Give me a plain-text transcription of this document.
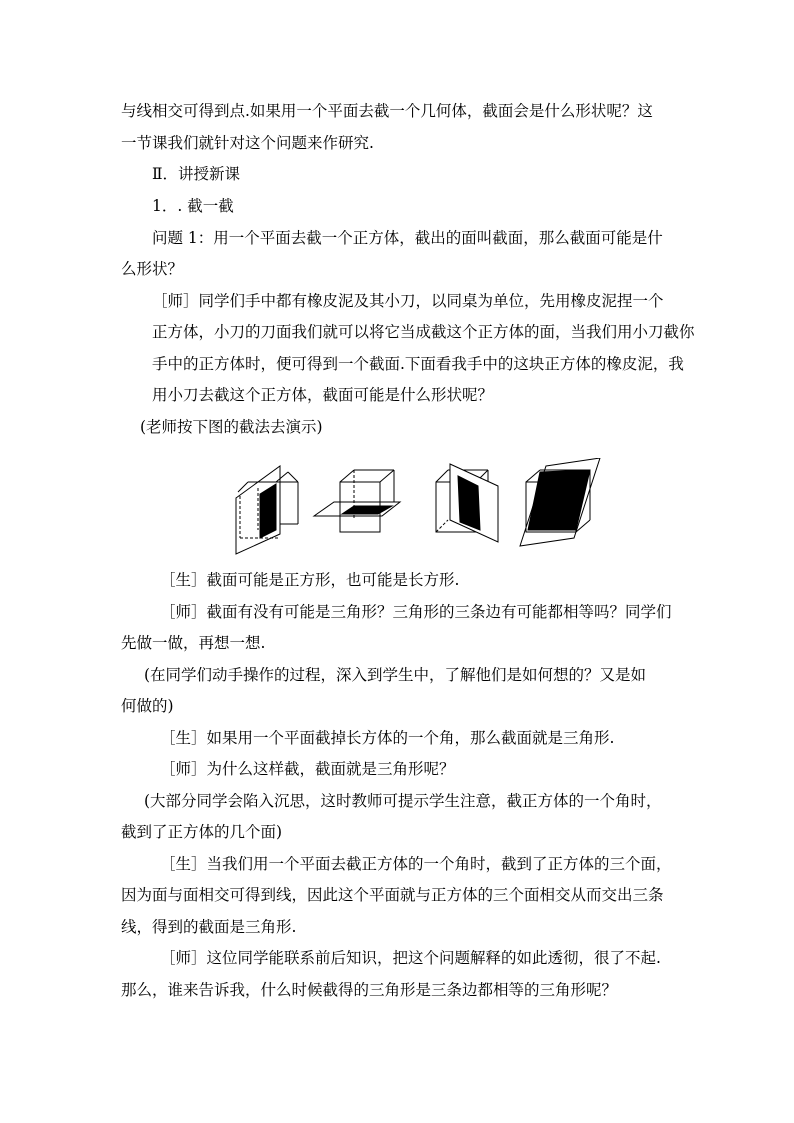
与线相交可得到点.如果用一个平面去截一个几何体，截面会是什么形状呢？这
一节课我们就针对这个问题来作研究.
Ⅱ．讲授新课
1．. 截一截
问题 1：用一个平面去截一个正方体，截出的面叫截面，那么截面可能是什
么形状？
［师］同学们手中都有橡皮泥及其小刀，以同桌为单位，先用橡皮泥捏一个
正方体，小刀的刀面我们就可以将它当成截这个正方体的面，当我们用小刀截你
手中的正方体时，便可得到一个截面.下面看我手中的这块正方体的橡皮泥，我
用小刀去截这个正方体，截面可能是什么形状呢？
(老师按下图的截法去演示)
［生］截面可能是正方形，也可能是长方形.
［师］截面有没有可能是三角形？三角形的三条边有可能都相等吗？同学们
先做一做，再想一想.
(在同学们动手操作的过程，深入到学生中，了解他们是如何想的？又是如
何做的)
［生］如果用一个平面截掉长方体的一个角，那么截面就是三角形.
［师］为什么这样截，截面就是三角形呢？
(大部分同学会陷入沉思，这时教师可提示学生注意，截正方体的一个角时，
截到了正方体的几个面)
［生］当我们用一个平面去截正方体的一个角时，截到了正方体的三个面，
因为面与面相交可得到线，因此这个平面就与正方体的三个面相交从而交出三条
线，得到的截面是三角形.
［师］这位同学能联系前后知识，把这个问题解释的如此透彻，很了不起.
那么，谁来告诉我，什么时候截得的三角形是三条边都相等的三角形呢？
